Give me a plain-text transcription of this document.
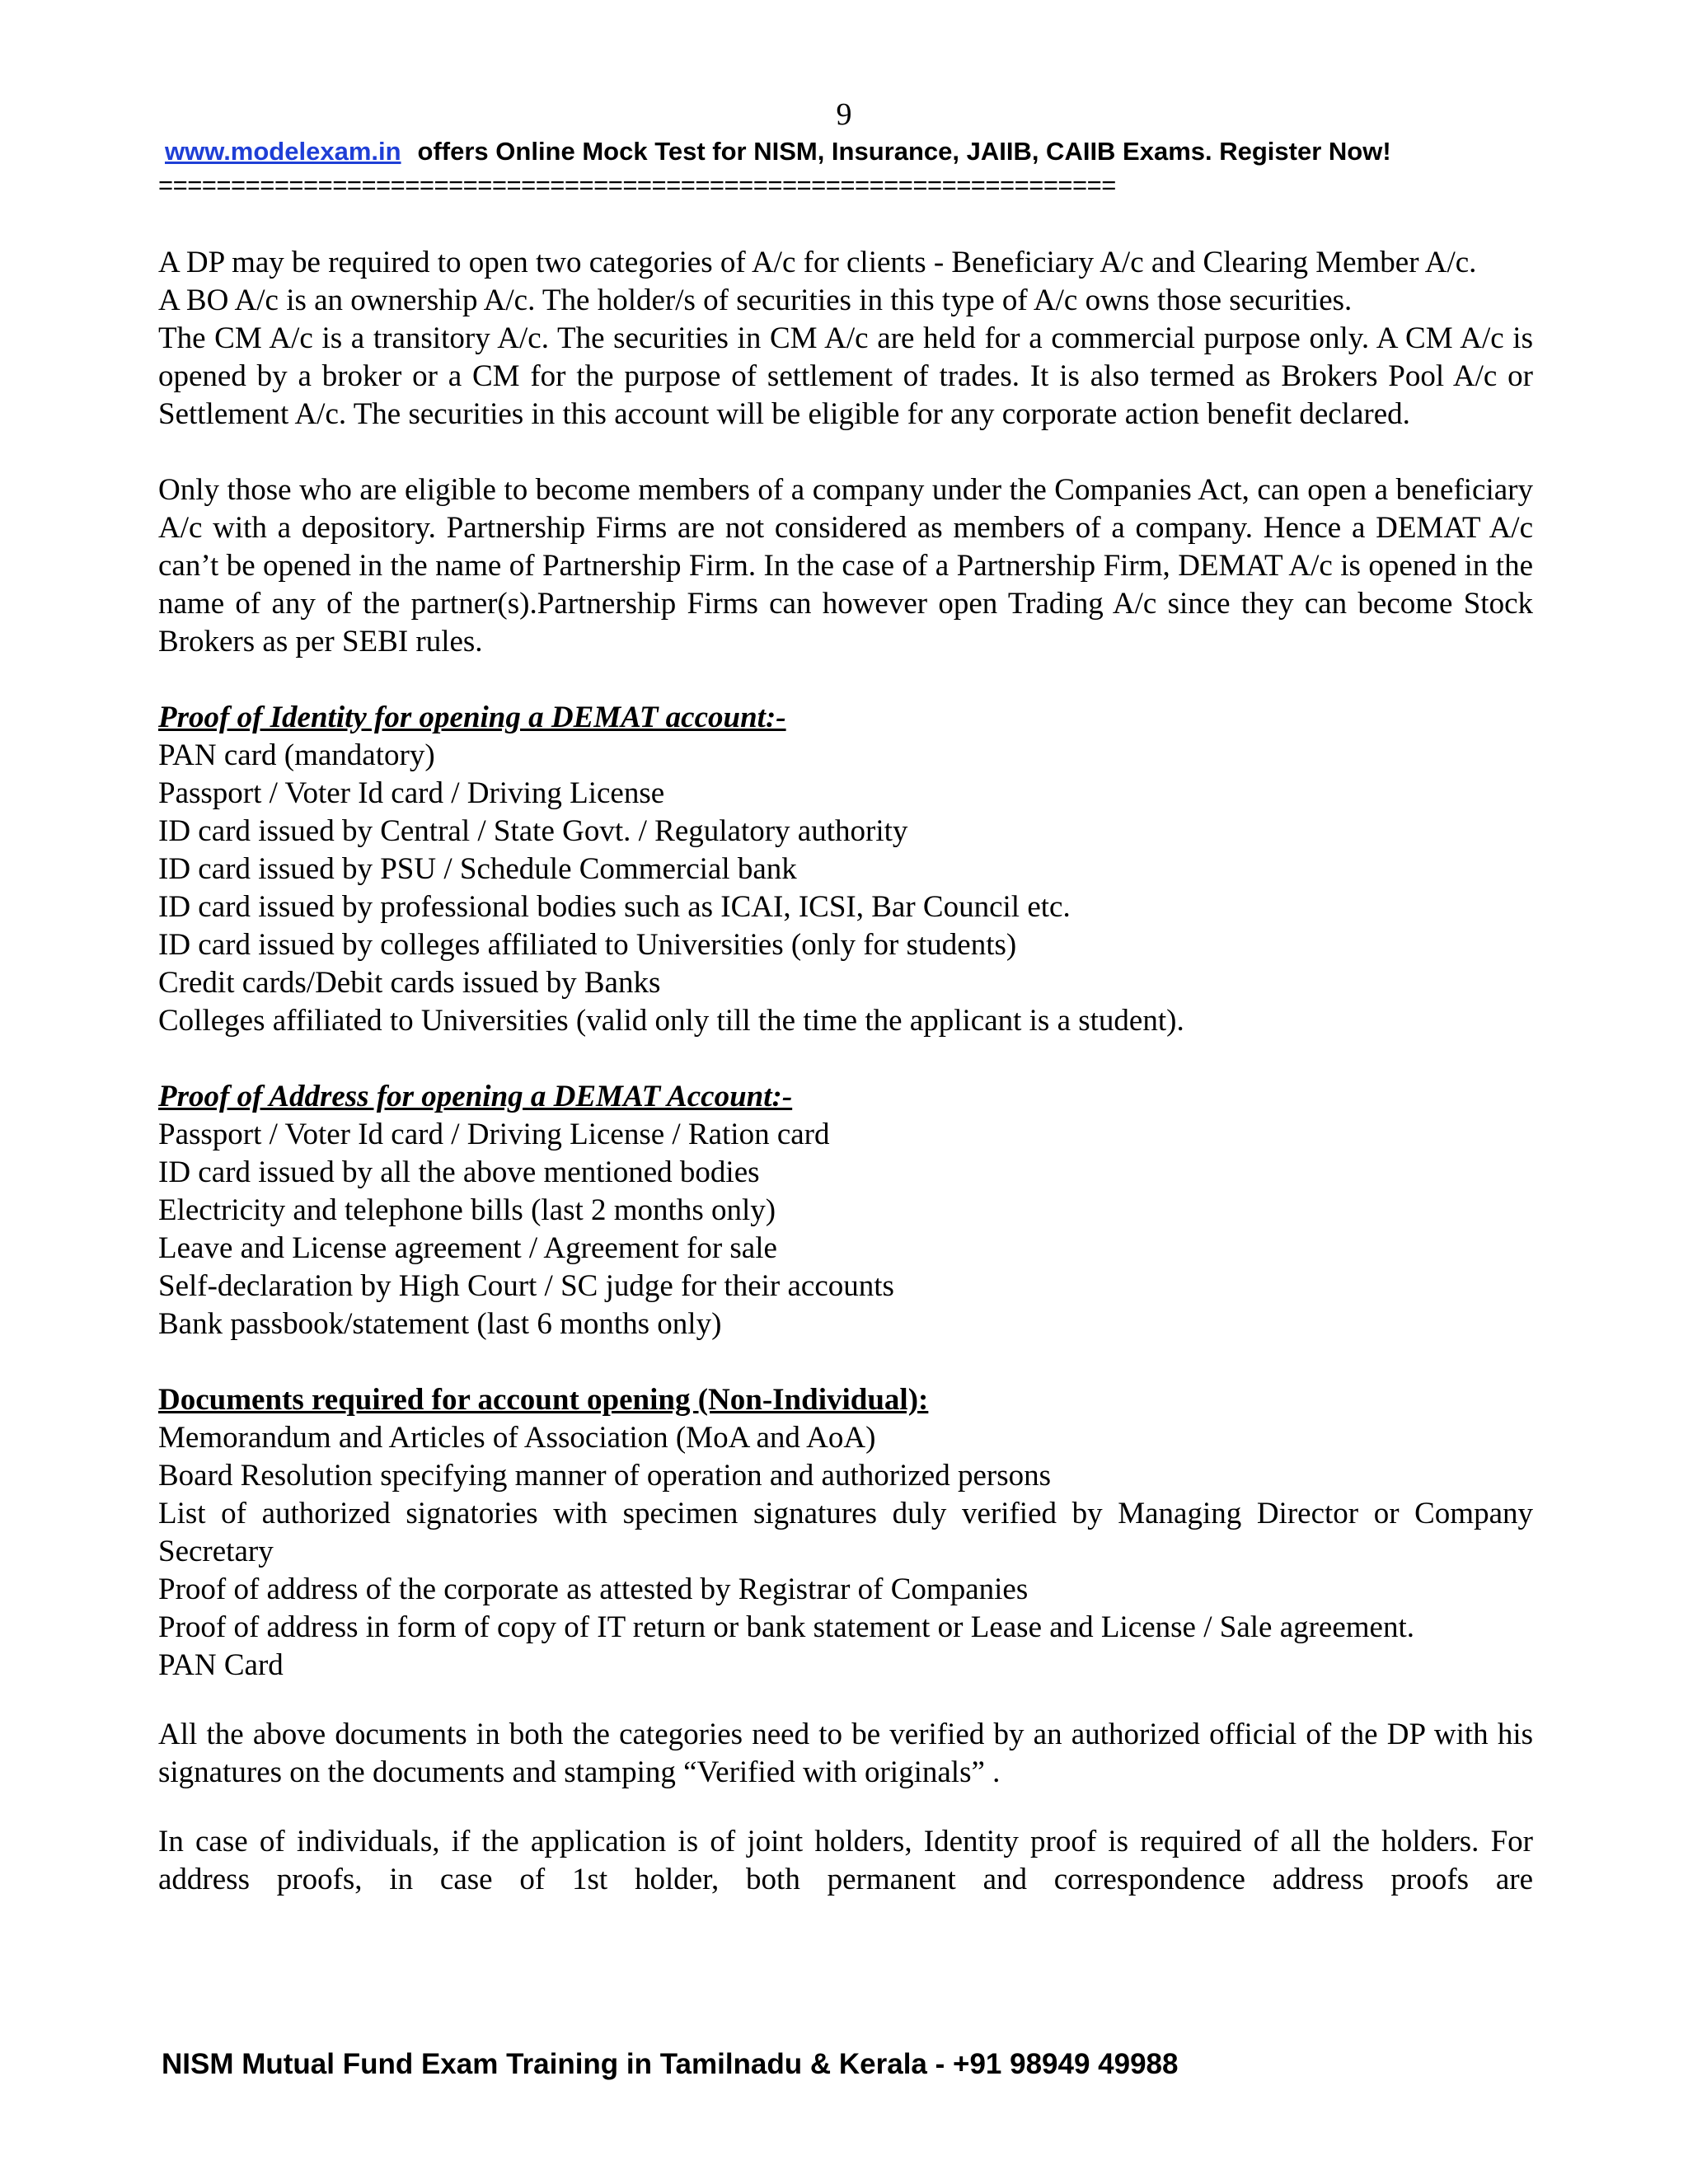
9
www.modelexam.in offers Online Mock Test for NISM, Insurance, JAIIB, CAIIB Exams. Register Now!
==================================================================

A DP may be required to open two categories of A/c for clients - Beneficiary A/c and Clearing Member A/c.

A BO A/c is an ownership A/c. The holder/s of securities in this type of A/c owns those securities.

The CM A/c is a transitory A/c. The securities in CM A/c are held for a commercial purpose only. A CM A/c is opened by a broker or a CM for the purpose of settlement of trades. It is also termed as Brokers Pool A/c or Settlement A/c. The securities in this account will be eligible for any corporate action benefit declared.

Only those who are eligible to become members of a company under the Companies Act, can open a beneficiary A/c with a depository. Partnership Firms are not considered as members of a company. Hence a DEMAT A/c can’t be opened in the name of Partnership Firm. In the case of a Partnership Firm, DEMAT A/c is opened in the name of any of the partner(s).Partnership Firms can however open Trading A/c since they can become Stock Brokers as per SEBI rules.

Proof of Identity for opening a DEMAT account:-

PAN card (mandatory)
Passport / Voter Id card / Driving License
ID card issued by Central / State Govt. / Regulatory authority
ID card issued by PSU / Schedule Commercial bank
ID card issued by professional bodies such as ICAI, ICSI, Bar Council etc.
ID card issued by colleges affiliated to Universities (only for students)
Credit cards/Debit cards issued by Banks
Colleges affiliated to Universities (valid only till the time the applicant is a student).

Proof of Address for opening a DEMAT Account:-

Passport / Voter Id card / Driving License / Ration card
ID card issued by all the above mentioned bodies
Electricity and telephone bills (last 2 months only)
Leave and License agreement / Agreement for sale
Self-declaration by High Court / SC judge for their accounts
Bank passbook/statement (last 6 months only)

Documents required for account opening (Non-Individual):

Memorandum and Articles of Association (MoA and AoA)
Board Resolution specifying manner of operation and authorized persons
List of authorized signatories with specimen signatures duly verified by Managing Director or Company Secretary
Proof of address of the corporate as attested by Registrar of Companies
Proof of address in form of copy of IT return or bank statement or Lease and License / Sale agreement.
PAN Card

All the above documents in both the categories need to be verified by an authorized official of the DP with his signatures on the documents and stamping “Verified with originals” .

In case of individuals, if the application is of joint holders, Identity proof is required of all the holders. For address proofs, in case of 1st holder, both permanent and correspondence address proofs are

NISM Mutual Fund Exam Training in Tamilnadu & Kerala - +91 98949 49988
